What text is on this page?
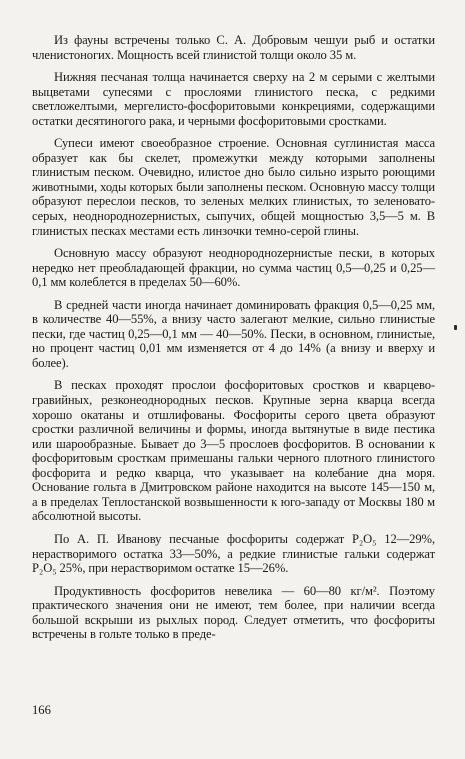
Из фауны встречены только С. А. Добровым чешуи рыб и остатки членистоногих. Мощность всей глинистой толщи около 35 м.

Нижняя песчаная толща начинается сверху на 2 м серыми с желтыми выцветами супесями с прослоями глинистого песка, с редкими светложелтыми, мергелисто-фосфоритовыми конкрециями, содержащими остатки десятиногого рака, и черными фосфоритовыми сростками.

Супеси имеют своеобразное строение. Основная суглинистая масса образует как бы скелет, промежутки между которыми заполнены глинистым песком. Очевидно, илистое дно было сильно изрыто роющими животными, ходы которых были заполнены песком. Основную массу толщи образуют переслои песков, то зеленых мелких глинистых, то зеленовато-серых, неоднородноzернистых, сыпучих, общей мощностью 3,5—5 м. В глинистых песках местами есть линзочки темно-серой глины.

Основную массу образуют неоднородноzернистые пески, в которых нередко нет преобладающей фракции, но сумма частиц 0,5—0,25 и 0,25—0,1 мм колеблется в пределах 50—60%.

В средней части иногда начинает доминировать фракция 0,5—0,25 мм, в количестве 40—55%, а внизу часто залегают мелкие, сильно глинистые пески, где частиц 0,25—0,1 мм — 40—50%. Пески, в основном, глинистые, но процент частиц 0,01 мм изменяется от 4 до 14% (а внизу и вверху и более).

В песках проходят прослои фосфоритовых сростков и кварцево-гравийных, резконеоднородных песков. Крупные зерна кварца всегда хорошо окатаны и отшлифованы. Фосфориты серого цвета образуют сростки различной величины и формы, иногда вытянутые в виде пестика или шарообразные. Бывает до 3—5 прослоев фосфоритов. В основании к фосфоритовым сросткам примешаны гальки черного плотного глинистого фосфорита и редко кварца, что указывает на колебание дна моря. Основание гольта в Дмитровском районе находится на высоте 145—150 м, а в пределах Теплостанской возвышенности к юго-западу от Москвы 180 м абсолютной высоты.

По А. П. Иванову песчаные фосфориты содержат P₂O₅ 12—29%, нерастворимого остатка 33—50%, а редкие глинистые гальки содержат P₂O₅ 25%, при нерастворимом остатке 15—26%.

Продуктивность фосфоритов невелика — 60—80 кг/м². Поэтому практического значения они не имеют, тем более, при наличии всегда большой вскрыши из рыхлых пород. Следует отметить, что фосфориты встречены в гольте только в преде-

166
